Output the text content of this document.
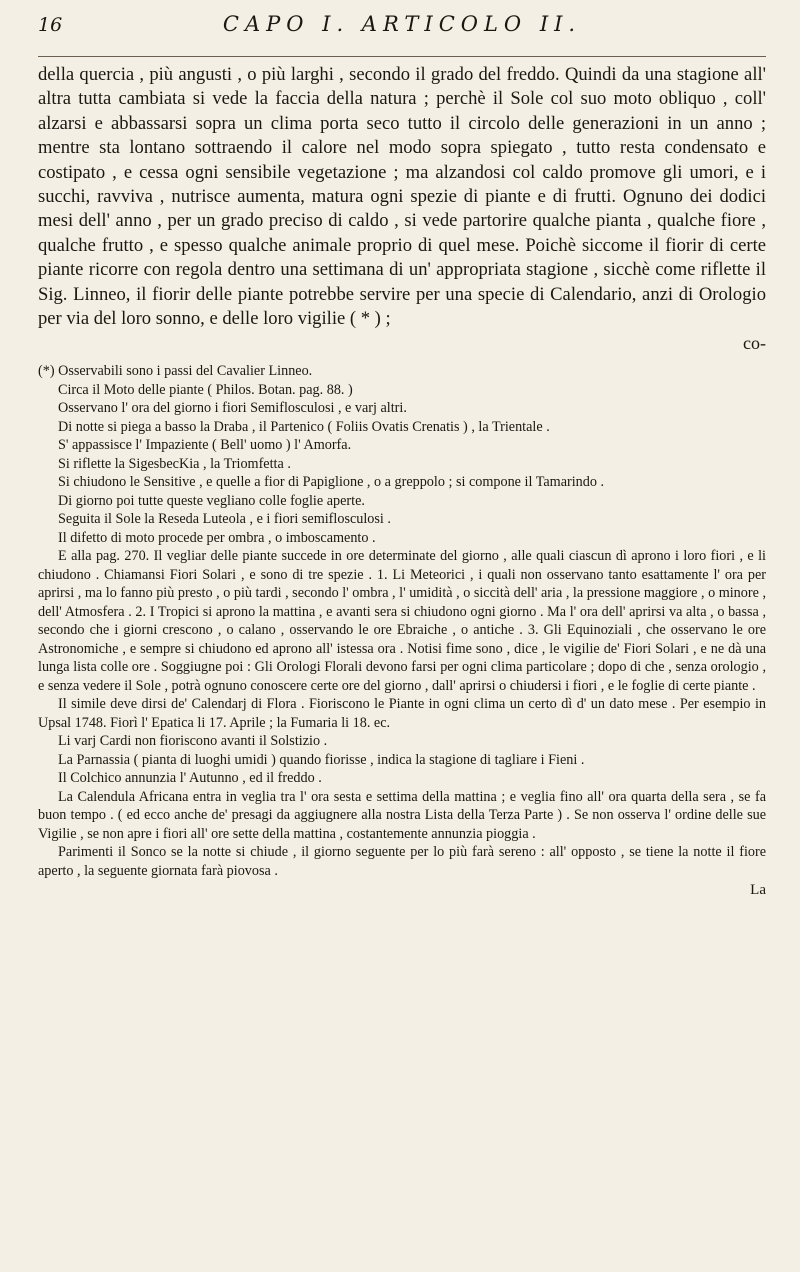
16	CAPO I. ARTICOLO II.

della quercia , più angusti , o più larghi , secondo il grado del freddo. Quindi da una stagione all' altra tutta cambiata si vede la faccia della natura ; perchè il Sole col suo moto obliquo , coll' alzarsi e abbassarsi sopra un clima porta seco tutto il circolo delle generazioni in un anno ; mentre sta lontano sottraendo il calore nel modo sopra spiegato , tutto resta condensato e costipato , e cessa ogni sensibile vegetazione ; ma alzandosi col caldo promove gli umori, e i succhi, ravviva , nutrisce aumenta, matura ogni spezie di piante e di frutti. Ognuno dei dodici mesi dell' anno , per un grado preciso di caldo , si vede partorire qualche pianta , qualche fiore , qualche frutto , e spesso qualche animale proprio di quel mese. Poichè siccome il fiorir di certe piante ricorre con regola dentro una settimana di un' appropriata stagione , sicchè come riflette il Sig. Linneo, il fiorir delle piante potrebbe servire per una specie di Calendario, anzi di Orologio per via del loro sonno, e delle loro vigilie ( * ) ;

co-

(*) Osservabili sono i passi del Cavalier Linneo.

Circa il Moto delle piante ( Philos. Botan. pag. 88. )

Osservano l' ora del giorno i fiori Semiflosculosi , e varj altri.

Di notte si piega a basso la Draba , il Partenico ( Foliis Ovatis Crenatis ) , la Trientale .

S' appassisce l' Impaziente ( Bell' uomo ) l' Amorfa.

Si riflette la SigesbecKia , la Triomfetta .

Si chiudono le Sensitive , e quelle a fior di Papiglione , o a greppolo ; si compone il Tamarindo .

Di giorno poi tutte queste vegliano colle foglie aperte.

Seguita il Sole la Reseda Luteola , e i fiori semiflosculosi .

Il difetto di moto procede per ombra , o imboscamento .

E alla pag. 270. Il vegliar delle piante succede in ore determinate del giorno , alle quali ciascun dì aprono i loro fiori , e li chiudono . Chiamansi Fiori Solari , e sono di tre spezie . 1. Li Meteorici , i quali non osservano tanto esattamente l' ora per aprirsi , ma lo fanno più presto , o più tardi , secondo l' ombra , l' umidità , o siccità dell' aria , la pressione maggiore , o minore , dell' Atmosfera . 2. I Tropici si aprono la mattina , e avanti sera si chiudono ogni giorno . Ma l' ora dell' aprirsi va alta , o bassa , secondo che i giorni crescono , o calano , osservando le ore Ebraiche , o antiche . 3. Gli Equinoziali , che osservano le ore Astronomiche , e sempre si chiudono ed aprono all' istessa ora . Notisi fime sono , dice , le vigilie de' Fiori Solari , e ne dà una lunga lista colle ore . Soggiugne poi : Gli Orologi Florali devono farsi per ogni clima particolare ; dopo di che , senza orologio , e senza vedere il Sole , potrà ognuno conoscere certe ore del giorno , dall' aprirsi o chiudersi i fiori , e le foglie di certe piante .

Il simile deve dirsi de' Calendarj di Flora . Fioriscono le Piante in ogni clima un certo dì d' un dato mese . Per esempio in Upsal 1748. Fiorì l' Epatica li 17. Aprile ; la Fumaria li 18. ec.

Li varj Cardi non fioriscono avanti il Solstizio .

La Parnassia ( pianta di luoghi umidi ) quando fiorisse , indica la stagione di tagliare i Fieni .

Il Colchico annunzia l' Autunno , ed il freddo .

La Calendula Africana entra in veglia tra l' ora sesta e settima della mattina ; e veglia fino all' ora quarta della sera , se fa buon tempo . ( ed ecco anche de' presagi da aggiugnere alla nostra Lista della Terza Parte ) . Se non osserva l' ordine delle sue Vigilie , se non apre i fiori all' ore sette della mattina , costantemente annunzia pioggia .

Parimenti il Sonco se la notte si chiude , il giorno seguente per lo più farà sereno : all' opposto , se tiene la notte il fiore aperto , la seguente giornata farà piovosa .

La
